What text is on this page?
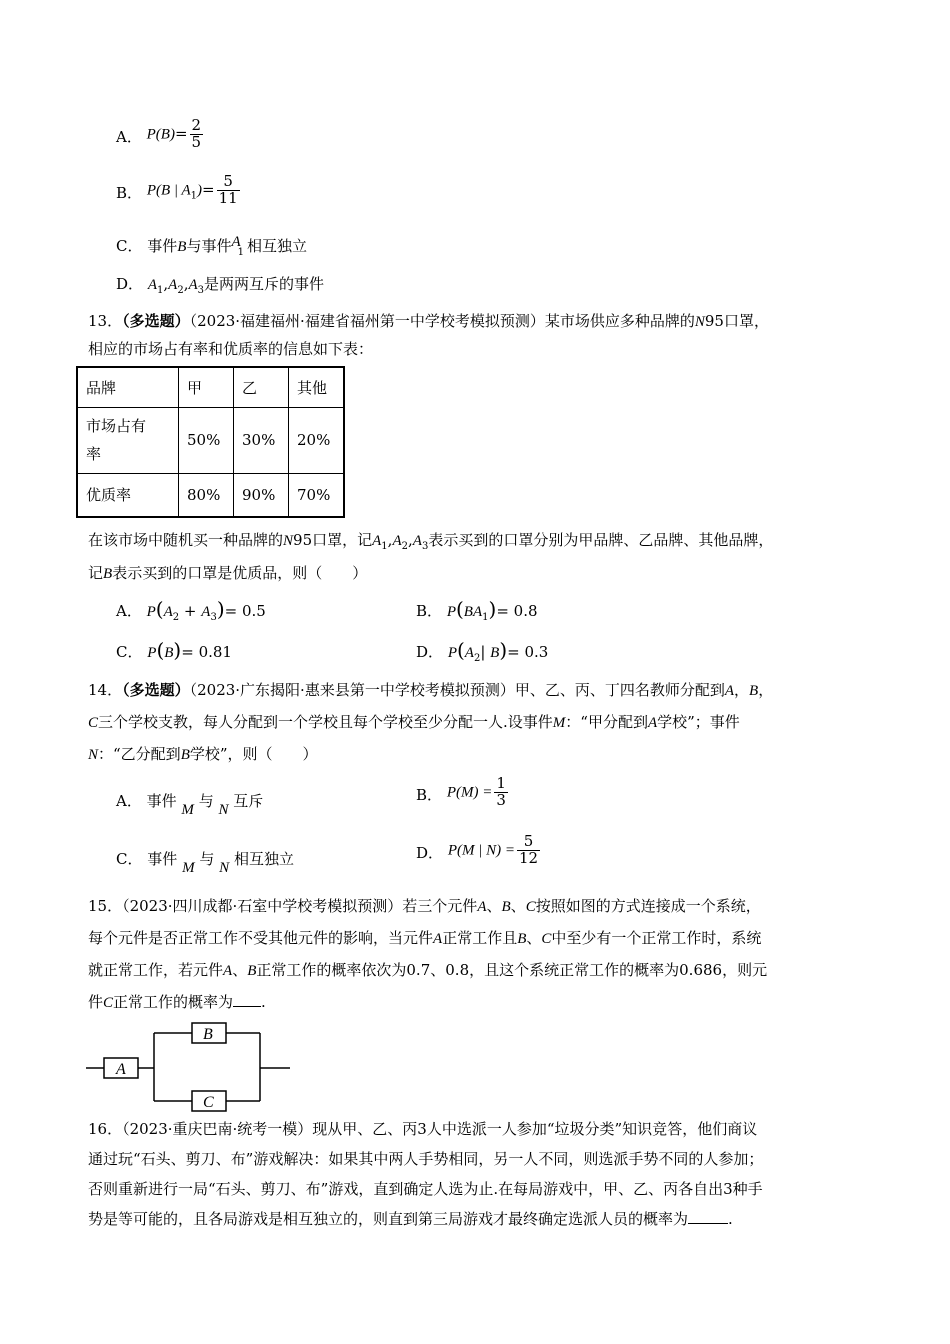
A． $P(B)= \frac{2}{5}$
B． P(B | $A_1)= \frac{5}{11}$
C． 事件B与事件$A_1$ 相互独立
D． $A_1,A_2,A_3$是两两互斥的事件
13．（多选题）（2023·福建福州·福建省福州第一中学校考模拟预测）某市场供应多种品牌的N95口罩，
相应的市场占有率和优质率的信息如下表：
品牌	甲	乙	其他
市场占有
率	50%	30%	20%
优质率	80%	90%	70%
在该市场中随机买一种品牌的N95口罩，记$A_1,A_2,A_3$表示买到的口罩分别为甲品牌、乙品牌、其他品牌，
记B表示买到的口罩是优质品，则（　　）
A． $P(A_2 + A_3)= 0.5$	B． $P(BA_1)= 0.8$
C． P(B)= 0.81	D． $P(A_2|$ B)= 0.3
14．（多选题）（2023·广东揭阳·惠来县第一中学校考模拟预测）甲、乙、丙、丁四名教师分配到A，B，
C三个学校支教，每人分配到一个学校且每个学校至少分配一人.设事件M：“甲分配到A学校”；事件
N：“乙分配到B学校”，则（　　）
A． 事件 M 与 N 互斥	B． $P(M) = \frac{1}{3}$
C． 事件 M 与 N 相互独立	D． P(M | $N) = \frac{5}{12}$
15．（2023·四川成都·石室中学校考模拟预测）若三个元件A、B、C按照如图的方式连接成一个系统，
每个元件是否正常工作不受其他元件的影响，当元件A正常工作且B、C中至少有一个正常工作时，系统
就正常工作，若元件A、B正常工作的概率依次为0.7、0.8，且这个系统正常工作的概率为0.686，则元
件C正常工作的概率为 .
A
B
C
16．（2023·重庆巴南·统考一模）现从甲、乙、丙3人中选派一人参加“垃圾分类”知识竞答，他们商议
通过玩“石头、剪刀、布”游戏解决：如果其中两人手势相同，另一人不同，则选派手势不同的人参加；
否则重新进行一局“石头、剪刀、布”游戏，直到确定人选为止.在每局游戏中，甲、乙、丙各自出3种手
势是等可能的，且各局游戏是相互独立的，则直到第三局游戏才最终确定选派人员的概率为	.
